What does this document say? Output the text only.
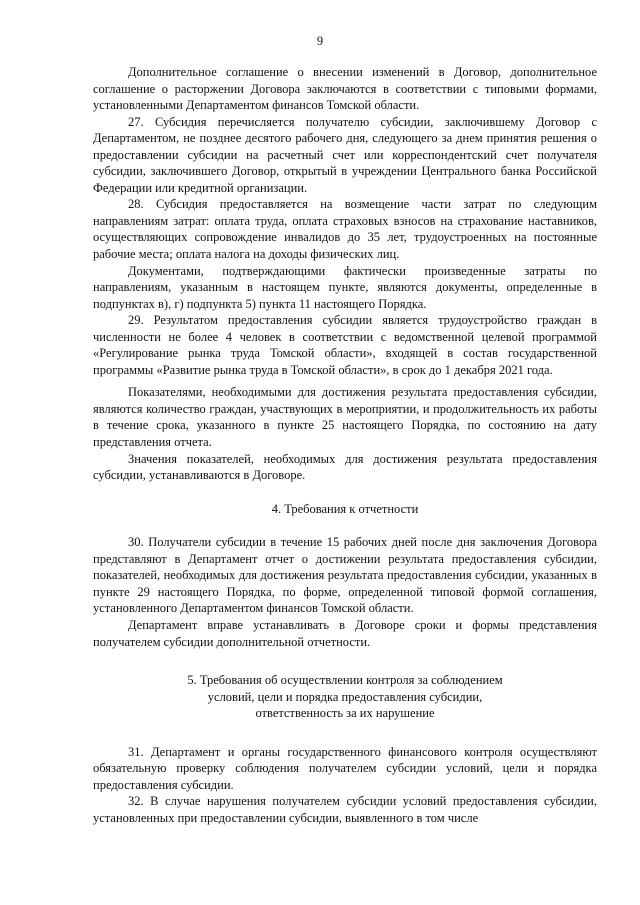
9

Дополнительное соглашение о внесении изменений в Договор, дополнительное соглашение о расторжении Договора заключаются в соответствии с типовыми формами, установленными Департаментом финансов Томской области.

27. Субсидия перечисляется получателю субсидии, заключившему Договор с Департаментом, не позднее десятого рабочего дня, следующего за днем принятия решения о предоставлении субсидии на расчетный счет или корреспондентский счет получателя субсидии, заключившего Договор, открытый в учреждении Центрального банка Российской Федерации или кредитной организации.

28. Субсидия предоставляется на возмещение части затрат по следующим направлениям затрат: оплата труда, оплата страховых взносов на страхование наставников, осуществляющих сопровождение инвалидов до 35 лет, трудоустроенных на постоянные рабочие места; оплата налога на доходы физических лиц.

Документами, подтверждающими фактически произведенные затраты по направлениям, указанным в настоящем пункте, являются документы, определенные в подпунктах в), г) подпункта 5) пункта 11 настоящего Порядка.

29. Результатом предоставления субсидии является трудоустройство граждан в численности не более 4 человек в соответствии с ведомственной целевой программой «Регулирование рынка труда Томской области», входящей в состав государственной программы «Развитие рынка труда в Томской области», в срок до 1 декабря 2021 года.

Показателями, необходимыми для достижения результата предоставления субсидии, являются количество граждан, участвующих в мероприятии, и продолжительность их работы в течение срока, указанного в пункте 25 настоящего Порядка, по состоянию на дату представления отчета.

Значения показателей, необходимых для достижения результата предоставления субсидии, устанавливаются в Договоре.

4. Требования к отчетности

30. Получатели субсидии в течение 15 рабочих дней после дня заключения Договора представляют в Департамент отчет о достижении результата предоставления субсидии, показателей, необходимых для достижения результата предоставления субсидии, указанных в пункте 29 настоящего Порядка, по форме, определенной типовой формой соглашения, установленного Департаментом финансов Томской области.

Департамент вправе устанавливать в Договоре сроки и формы представления получателем субсидии дополнительной отчетности.

5. Требования об осуществлении контроля за соблюдением

условий, цели и порядка предоставления субсидии,

ответственность за их нарушение

31. Департамент и органы государственного финансового контроля осуществляют обязательную проверку соблюдения получателем субсидии условий, цели и порядка предоставления субсидии.

32. В случае нарушения получателем субсидии условий предоставления субсидии, установленных при предоставлении субсидии, выявленного в том числе
